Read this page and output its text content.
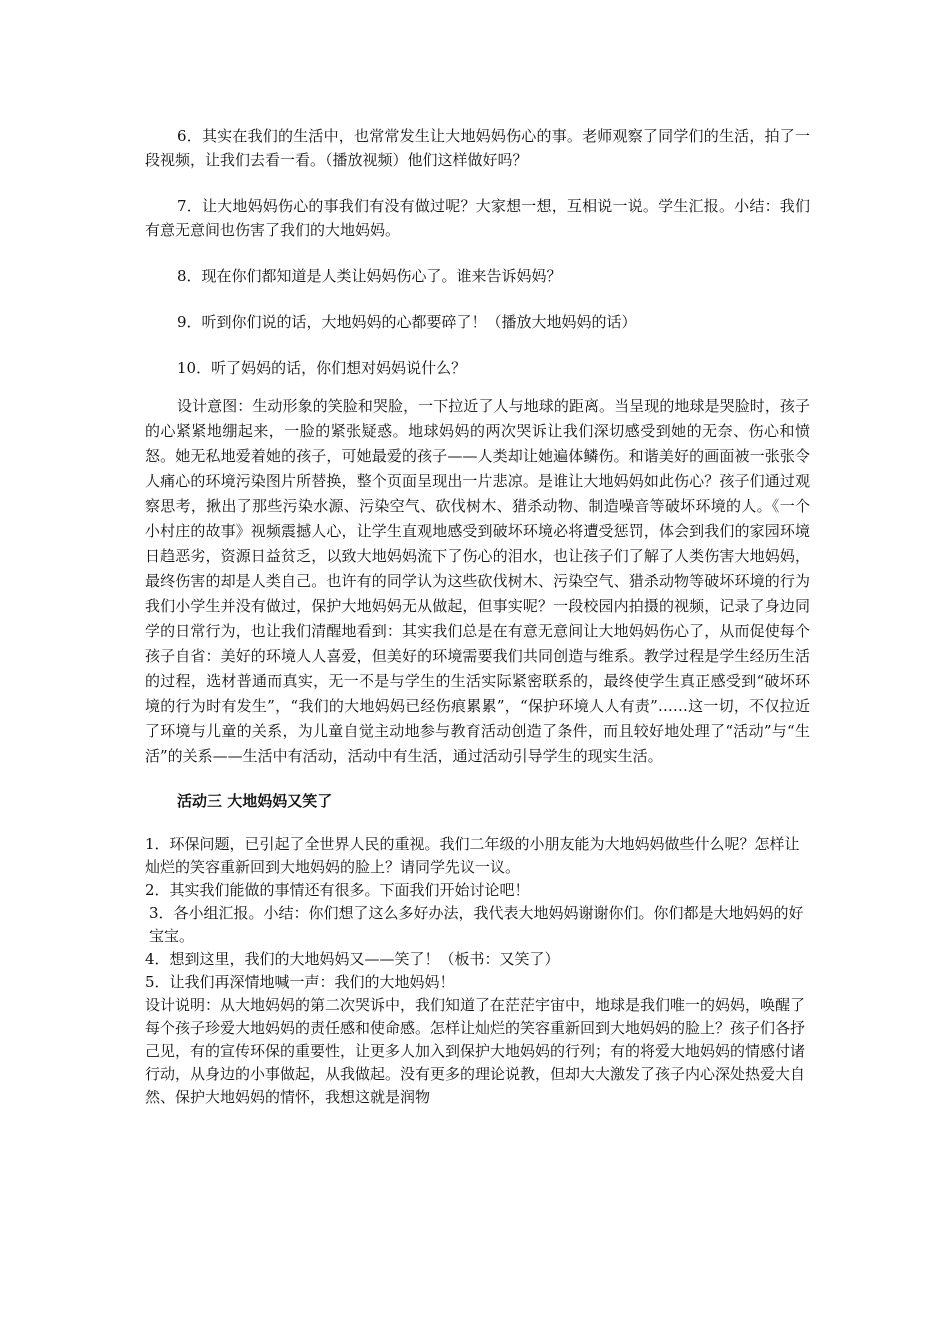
6．其实在我们的生活中，也常常发生让大地妈妈伤心的事。老师观察了同学们的生活，拍了一段视频，让我们去看一看。（播放视频）他们这样做好吗？

7．让大地妈妈伤心的事我们有没有做过呢？大家想一想，互相说一说。学生汇报。小结：我们有意无意间也伤害了我们的大地妈妈。

8．现在你们都知道是人类让妈妈伤心了。谁来告诉妈妈？

9．听到你们说的话，大地妈妈的心都要碎了！（播放大地妈妈的话）

10．听了妈妈的话，你们想对妈妈说什么？

设计意图：生动形象的笑脸和哭脸，一下拉近了人与地球的距离。当呈现的地球是哭脸时，孩子的心紧紧地绷起来，一脸的紧张疑惑。地球妈妈的两次哭诉让我们深切感受到她的无奈、伤心和愤怒。她无私地爱着她的孩子，可她最爱的孩子——人类却让她遍体鳞伤。和谐美好的画面被一张张令人痛心的环境污染图片所替换，整个页面呈现出一片悲凉。是谁让大地妈妈如此伤心？孩子们通过观察思考，揪出了那些污染水源、污染空气、砍伐树木、猎杀动物、制造噪音等破坏环境的人。《一个小村庄的故事》视频震撼人心，让学生直观地感受到破坏环境必将遭受惩罚，体会到我们的家园环境日趋恶劣，资源日益贫乏，以致大地妈妈流下了伤心的泪水，也让孩子们了解了人类伤害大地妈妈，最终伤害的却是人类自己。也许有的同学认为这些砍伐树木、污染空气、猎杀动物等破坏环境的行为我们小学生并没有做过，保护大地妈妈无从做起，但事实呢？一段校园内拍摄的视频，记录了身边同学的日常行为，也让我们清醒地看到：其实我们总是在有意无意间让大地妈妈伤心了，从而促使每个孩子自省：美好的环境人人喜爱，但美好的环境需要我们共同创造与维系。教学过程是学生经历生活的过程，选材普通而真实，无一不是与学生的生活实际紧密联系的，最终使学生真正感受到“破坏环境的行为时有发生”，“我们的大地妈妈已经伤痕累累”，“保护环境人人有责”……这一切，不仅拉近了环境与儿童的关系，为儿童自觉主动地参与教育活动创造了条件，而且较好地处理了“活动”与“生活”的关系——生活中有活动，活动中有生活，通过活动引导学生的现实生活。

活动三 大地妈妈又笑了

1．环保问题，已引起了全世界人民的重视。我们二年级的小朋友能为大地妈妈做些什么呢？怎样让灿烂的笑容重新回到大地妈妈的脸上？请同学先议一议。

2．其实我们能做的事情还有很多。下面我们开始讨论吧！

3．各小组汇报。小结：你们想了这么多好办法，我代表大地妈妈谢谢你们。你们都是大地妈妈的好宝宝。

4．想到这里，我们的大地妈妈又——笑了！（板书：又笑了）

5．让我们再深情地喊一声：我们的大地妈妈！

设计说明：从大地妈妈的第二次哭诉中，我们知道了在茫茫宇宙中，地球是我们唯一的妈妈，唤醒了每个孩子珍爱大地妈妈的责任感和使命感。怎样让灿烂的笑容重新回到大地妈妈的脸上？孩子们各抒己见，有的宣传环保的重要性，让更多人加入到保护大地妈妈的行列；有的将爱大地妈妈的情感付诸行动，从身边的小事做起，从我做起。没有更多的理论说教，但却大大激发了孩子内心深处热爱大自然、保护大地妈妈的情怀，我想这就是润物
